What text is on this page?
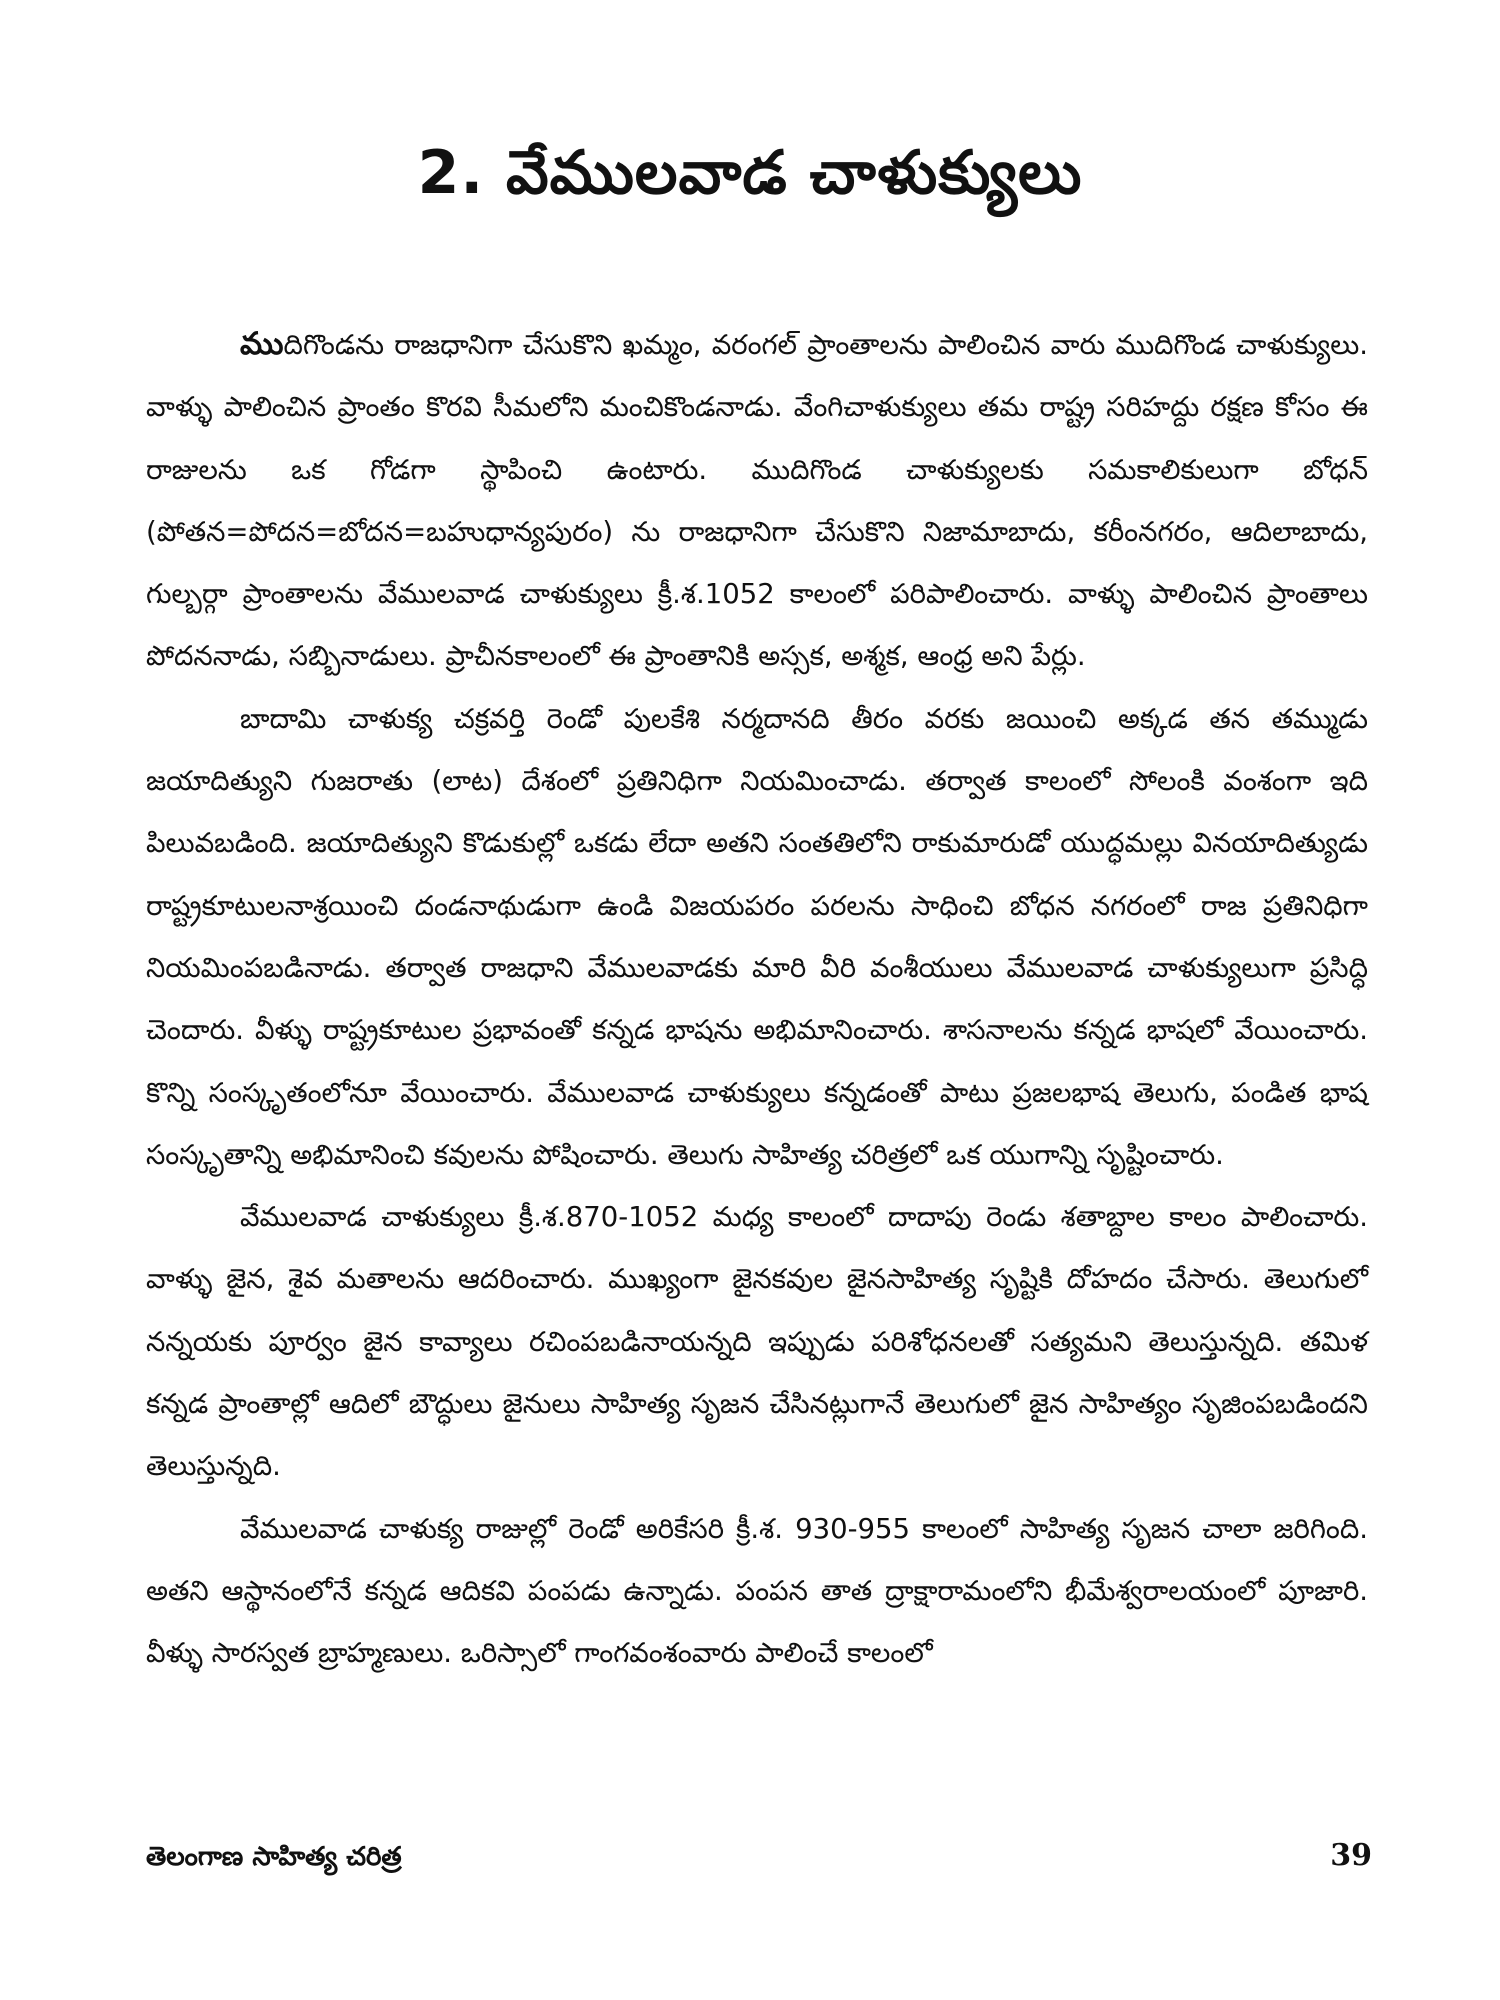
2. వేములవాడ చాళుక్యులు

ముదిగొండను రాజధానిగా చేసుకొని ఖమ్మం, వరంగల్ ప్రాంతాలను పాలించిన వారు ముదిగొండ చాళుక్యులు. వాళ్ళు పాలించిన ప్రాంతం కొరవి సీమలోని మంచికొండనాడు. వేంగిచాళుక్యులు తమ రాష్ట్ర సరిహద్దు రక్షణ కోసం ఈ రాజులను ఒక గోడగా స్థాపించి ఉంటారు. ముదిగొండ చాళుక్యులకు సమకాలికులుగా బోధన్ (పోతన=పోదన=బోదన=బహుధాన్యపురం) ను రాజధానిగా చేసుకొని నిజామాబాదు, కరీంనగరం, ఆదిలాబాదు, గుల్బర్గా ప్రాంతాలను వేములవాడ చాళుక్యులు క్రీ.శ.1052 కాలంలో పరిపాలించారు. వాళ్ళు పాలించిన ప్రాంతాలు పోదననాడు, సబ్బినాడులు. ప్రాచీనకాలంలో ఈ ప్రాంతానికి అస్సక, అశ్మక, ఆంధ్ర అని పేర్లు.

బాదామి చాళుక్య చక్రవర్తి రెండో పులకేశి నర్మదానది తీరం వరకు జయించి అక్కడ తన తమ్ముడు జయాదిత్యుని గుజరాతు (లాట) దేశంలో ప్రతినిధిగా నియమించాడు. తర్వాత కాలంలో సోలంకి వంశంగా ఇది పిలువబడింది. జయాదిత్యుని కొడుకుల్లో ఒకడు లేదా అతని సంతతిలోని రాకుమారుడో యుద్ధమల్లు వినయాదిత్యుడు రాష్ట్రకూటులనాశ్రయించి దండనాథుడుగా ఉండి విజయపరం పరలను సాధించి బోధన నగరంలో రాజ ప్రతినిధిగా నియమింపబడినాడు. తర్వాత రాజధాని వేములవాడకు మారి వీరి వంశీయులు వేములవాడ చాళుక్యులుగా ప్రసిద్ధి చెందారు. వీళ్ళు రాష్ట్రకూటుల ప్రభావంతో కన్నడ భాషను అభిమానించారు. శాసనాలను కన్నడ భాషలో వేయించారు. కొన్ని సంస్కృతంలోనూ వేయించారు. వేములవాడ చాళుక్యులు కన్నడంతో పాటు ప్రజలభాష తెలుగు, పండిత భాష సంస్కృతాన్ని అభిమానించి కవులను పోషించారు. తెలుగు సాహిత్య చరిత్రలో ఒక యుగాన్ని సృష్టించారు.

వేములవాడ చాళుక్యులు క్రీ.శ.870-1052 మధ్య కాలంలో దాదాపు రెండు శతాబ్దాల కాలం పాలించారు. వాళ్ళు జైన, శైవ మతాలను ఆదరించారు. ముఖ్యంగా జైనకవుల జైనసాహిత్య సృష్టికి దోహదం చేసారు. తెలుగులో నన్నయకు పూర్వం జైన కావ్యాలు రచింపబడినాయన్నది ఇప్పుడు పరిశోధనలతో సత్యమని తెలుస్తున్నది. తమిళ కన్నడ ప్రాంతాల్లో ఆదిలో బౌద్ధులు జైనులు సాహిత్య సృజన చేసినట్లుగానే తెలుగులో జైన సాహిత్యం సృజింపబడిందని తెలుస్తున్నది.

వేములవాడ చాళుక్య రాజుల్లో రెండో అరికేసరి క్రీ.శ. 930-955 కాలంలో సాహిత్య సృజన చాలా జరిగింది. అతని ఆస్థానంలోనే కన్నడ ఆదికవి పంపడు ఉన్నాడు. పంపన తాత ద్రాక్షారామంలోని భీమేశ్వరాలయంలో పూజారి. వీళ్ళు సారస్వత బ్రాహ్మణులు. ఒరిస్సాలో గాంగవంశంవారు పాలించే కాలంలో

తెలంగాణ సాహిత్య చరిత్ర	39
